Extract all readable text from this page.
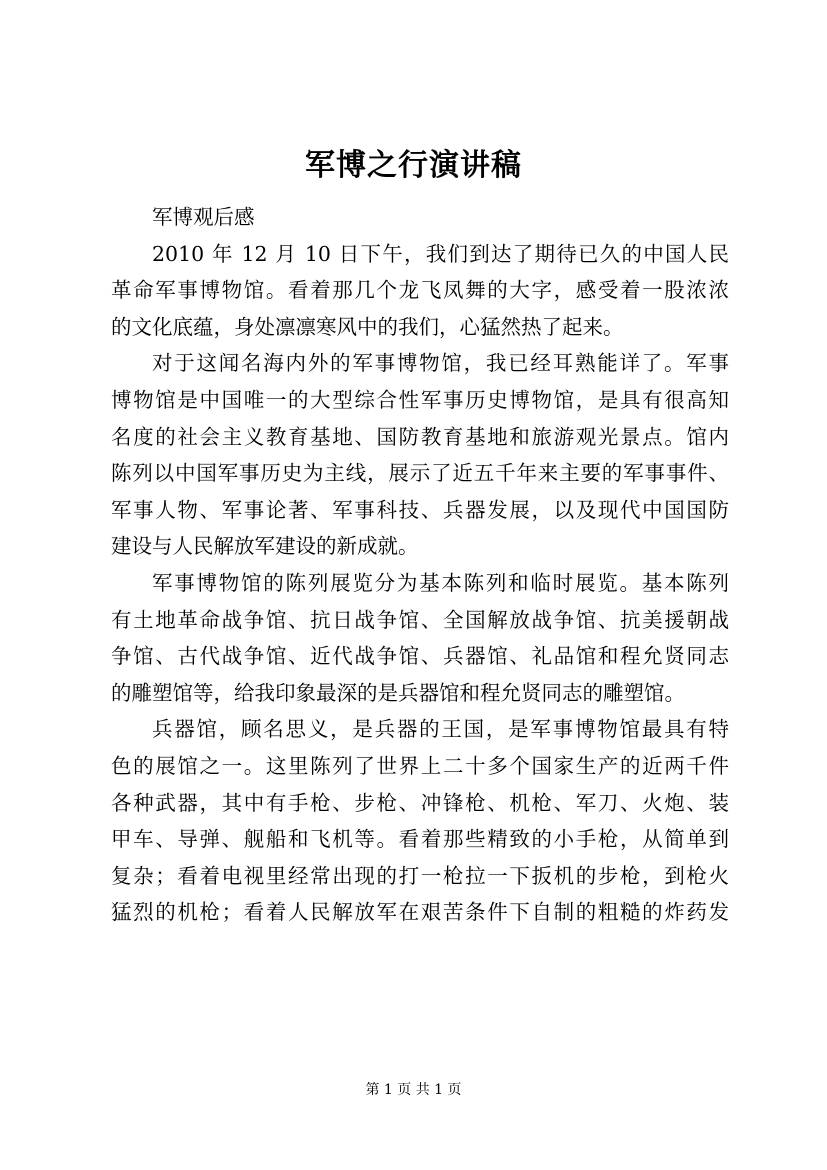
军博之行演讲稿
军博观后感
2010 年 12 月 10 日下午，我们到达了期待已久的中国人民
革命军事博物馆。看着那几个龙飞凤舞的大字，感受着一股浓浓
的文化底蕴，身处凛凛寒风中的我们，心猛然热了起来。
对于这闻名海内外的军事博物馆，我已经耳熟能详了。军事
博物馆是中国唯一的大型综合性军事历史博物馆，是具有很高知
名度的社会主义教育基地、国防教育基地和旅游观光景点。馆内
陈列以中国军事历史为主线，展示了近五千年来主要的军事事件、
军事人物、军事论著、军事科技、兵器发展，以及现代中国国防
建设与人民解放军建设的新成就。
军事博物馆的陈列展览分为基本陈列和临时展览。基本陈列
有土地革命战争馆、抗日战争馆、全国解放战争馆、抗美援朝战
争馆、古代战争馆、近代战争馆、兵器馆、礼品馆和程允贤同志
的雕塑馆等，给我印象最深的是兵器馆和程允贤同志的雕塑馆。
兵器馆，顾名思义，是兵器的王国，是军事博物馆最具有特
色的展馆之一。这里陈列了世界上二十多个国家生产的近两千件
各种武器，其中有手枪、步枪、冲锋枪、机枪、军刀、火炮、装
甲车、导弹、舰船和飞机等。看着那些精致的小手枪，从简单到
复杂；看着电视里经常出现的打一枪拉一下扳机的步枪，到枪火
猛烈的机枪；看着人民解放军在艰苦条件下自制的粗糙的炸药发
第 1 页 共 1 页
